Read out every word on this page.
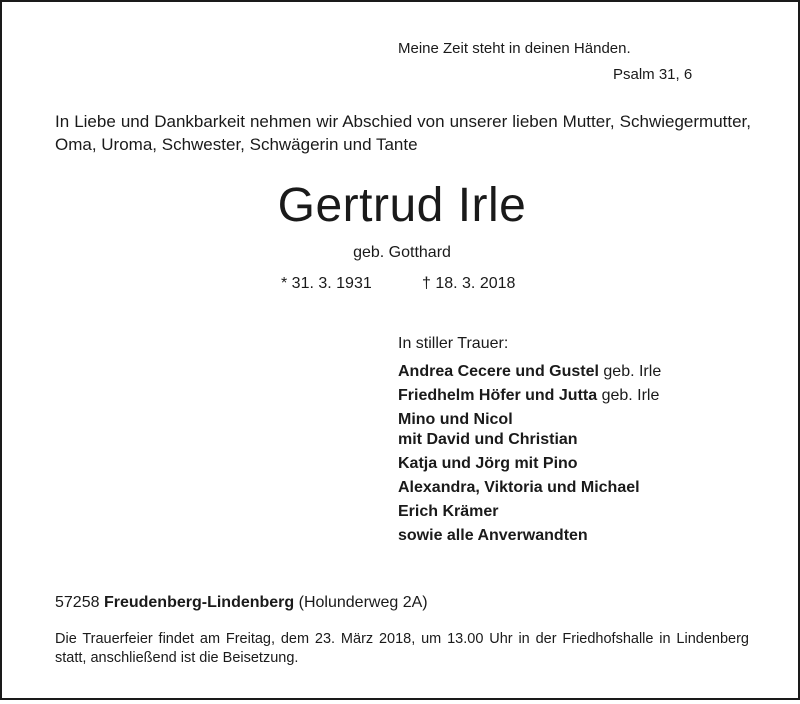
Meine Zeit steht in deinen Händen.
Psalm 31, 6
In Liebe und Dankbarkeit nehmen wir Abschied von unserer lieben Mutter, Schwiegermutter, Oma, Uroma, Schwester, Schwägerin und Tante
Gertrud Irle
geb. Gotthard
* 31. 3. 1931	† 18. 3. 2018
In stiller Trauer:
Andrea Cecere und Gustel geb. Irle
Friedhelm Höfer und Jutta geb. Irle
Mino und Nicol
mit David und Christian
Katja und Jörg mit Pino
Alexandra, Viktoria und Michael
Erich Krämer
sowie alle Anverwandten
57258 Freudenberg-Lindenberg (Holunderweg 2A)
Die Trauerfeier findet am Freitag, dem 23. März 2018, um 13.00 Uhr in der Friedhofshalle in Lindenberg statt, anschließend ist die Beisetzung.
